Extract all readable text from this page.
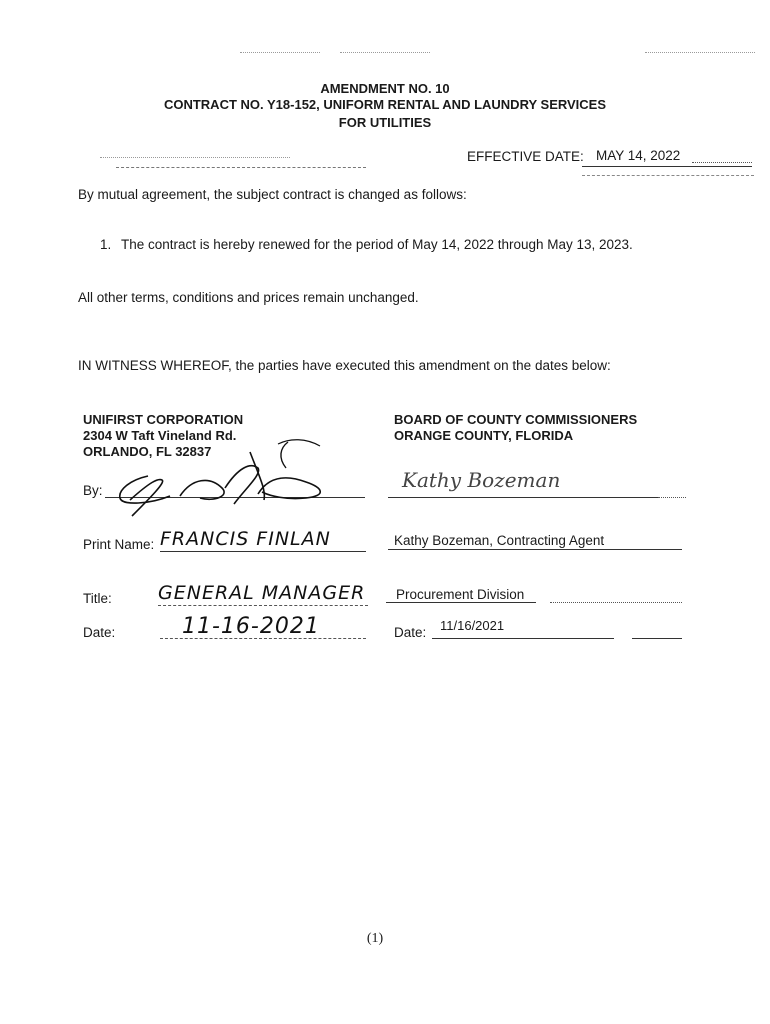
AMENDMENT NO. 10
CONTRACT NO. Y18-152, UNIFORM RENTAL AND LAUNDRY SERVICES
FOR UTILITIES
EFFECTIVE DATE: MAY 14, 2022
By mutual agreement, the subject contract is changed as follows:
1. The contract is hereby renewed for the period of May 14, 2022 through May 13, 2023.
All other terms, conditions and prices remain unchanged.
IN WITNESS WHEREOF, the parties have executed this amendment on the dates below:
UNIFIRST CORPORATION
2304 W Taft Vineland Rd.
ORLANDO, FL 32837
By:
Print Name: FRANCIS FINLAN
Title: GENERAL MANAGER
Date:	11-16-2021
BOARD OF COUNTY COMMISSIONERS
ORANGE COUNTY, FLORIDA
Kathy Bozeman
Kathy Bozeman, Contracting Agent
Procurement Division
Date: 11/16/2021
(1)
